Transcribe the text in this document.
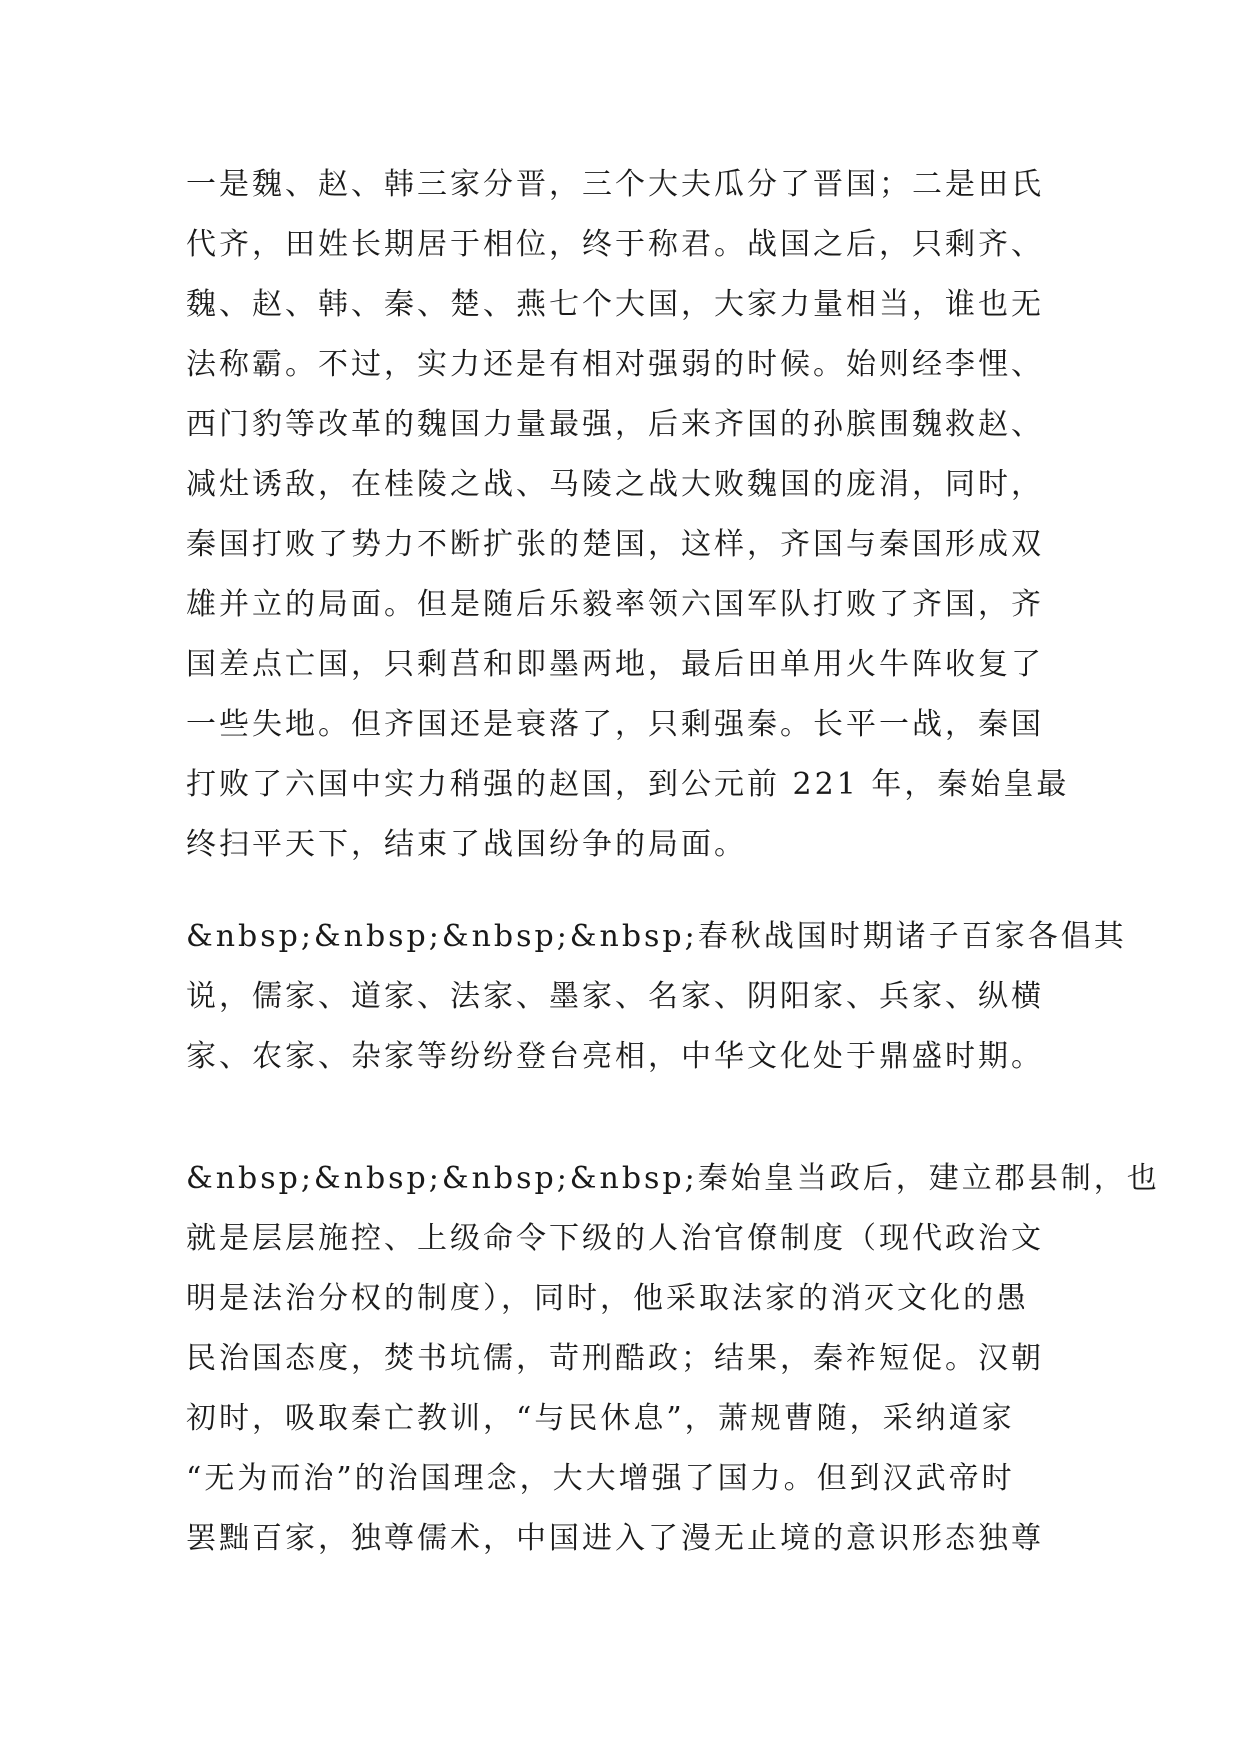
一是魏、赵、韩三家分晋，三个大夫瓜分了晋国；二是田氏
代齐，田姓长期居于相位，终于称君。战国之后，只剩齐、
魏、赵、韩、秦、楚、燕七个大国，大家力量相当，谁也无
法称霸。不过，实力还是有相对强弱的时候。始则经李悝、
西门豹等改革的魏国力量最强，后来齐国的孙膑围魏救赵、
减灶诱敌，在桂陵之战、马陵之战大败魏国的庞涓，同时，
秦国打败了势力不断扩张的楚国，这样，齐国与秦国形成双
雄并立的局面。但是随后乐毅率领六国军队打败了齐国，齐
国差点亡国，只剩莒和即墨两地，最后田单用火牛阵收复了
一些失地。但齐国还是衰落了，只剩强秦。长平一战，秦国
打败了六国中实力稍强的赵国，到公元前 221 年，秦始皇最
终扫平天下，结束了战国纷争的局面。
&nbsp;&nbsp;&nbsp;&nbsp;春秋战国时期诸子百家各倡其
说，儒家、道家、法家、墨家、名家、阴阳家、兵家、纵横
家、农家、杂家等纷纷登台亮相，中华文化处于鼎盛时期。
&nbsp;&nbsp;&nbsp;&nbsp;秦始皇当政后，建立郡县制，也
就是层层施控、上级命令下级的人治官僚制度（现代政治文
明是法治分权的制度），同时，他采取法家的消灭文化的愚
民治国态度，焚书坑儒，苛刑酷政；结果，秦祚短促。汉朝
初时，吸取秦亡教训，“与民休息”，萧规曹随，采纳道家
“无为而治”的治国理念，大大增强了国力。但到汉武帝时
罢黜百家，独尊儒术，中国进入了漫无止境的意识形态独尊
